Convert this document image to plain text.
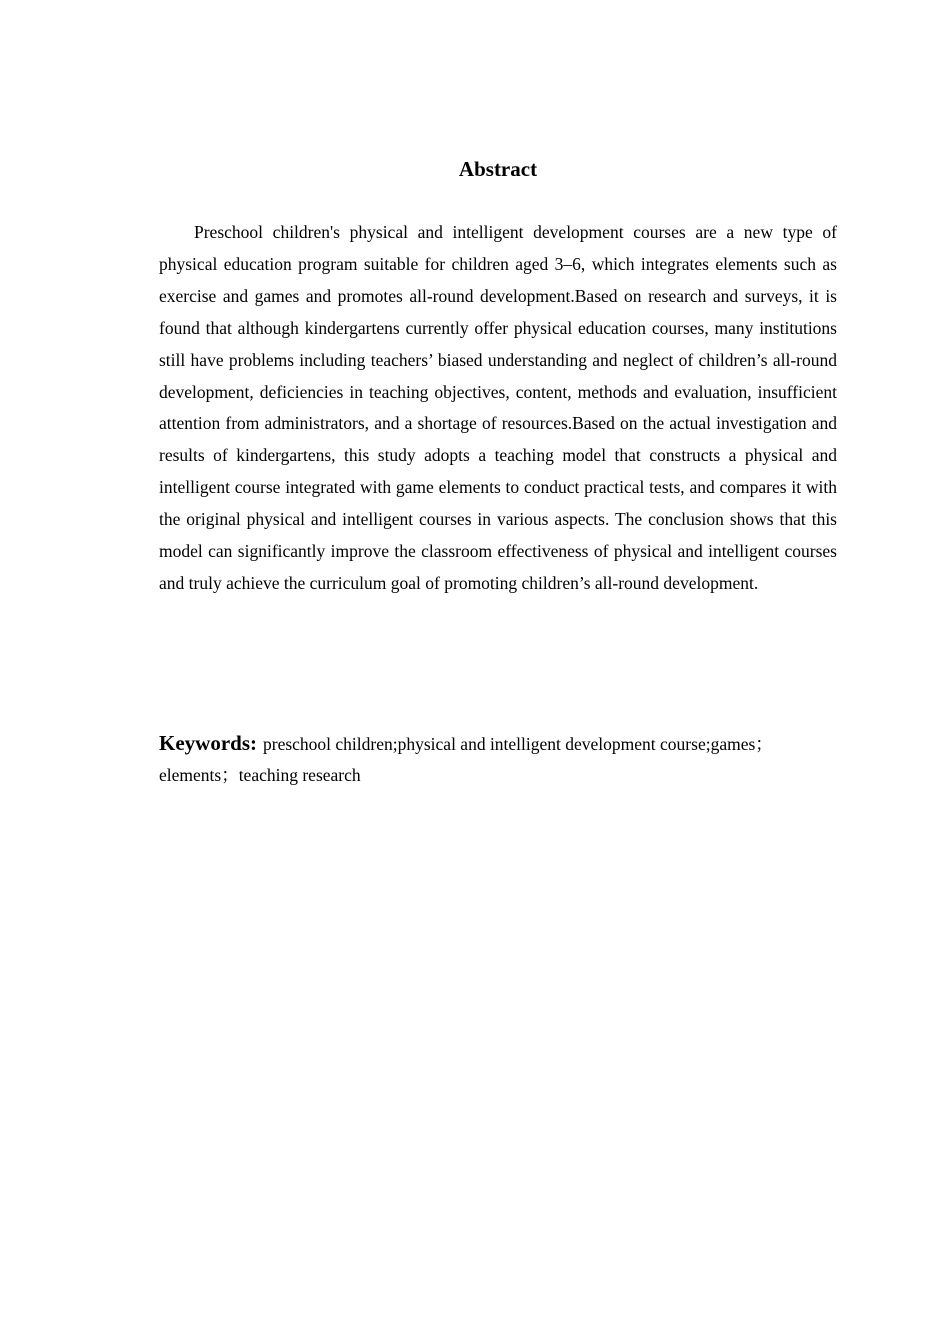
Abstract

Preschool children's physical and intelligent development courses are a new type of physical education program suitable for children aged 3–6, which integrates elements such as exercise and games and promotes all-round development.Based on research and surveys, it is found that although kindergartens currently offer physical education courses, many institutions still have problems including teachers’ biased understanding and neglect of children’s all-round development, deficiencies in teaching objectives, content, methods and evaluation, insufficient attention from administrators, and a shortage of resources.Based on the actual investigation and results of kindergartens, this study adopts a teaching model that constructs a physical and intelligent course integrated with game elements to conduct practical tests, and compares it with the original physical and intelligent courses in various aspects. The conclusion shows that this model can significantly improve the classroom effectiveness of physical and intelligent courses and truly achieve the curriculum goal of promoting children’s all-round development.

Keywords: preschool children;physical and intelligent development course;games；elements；teaching research
